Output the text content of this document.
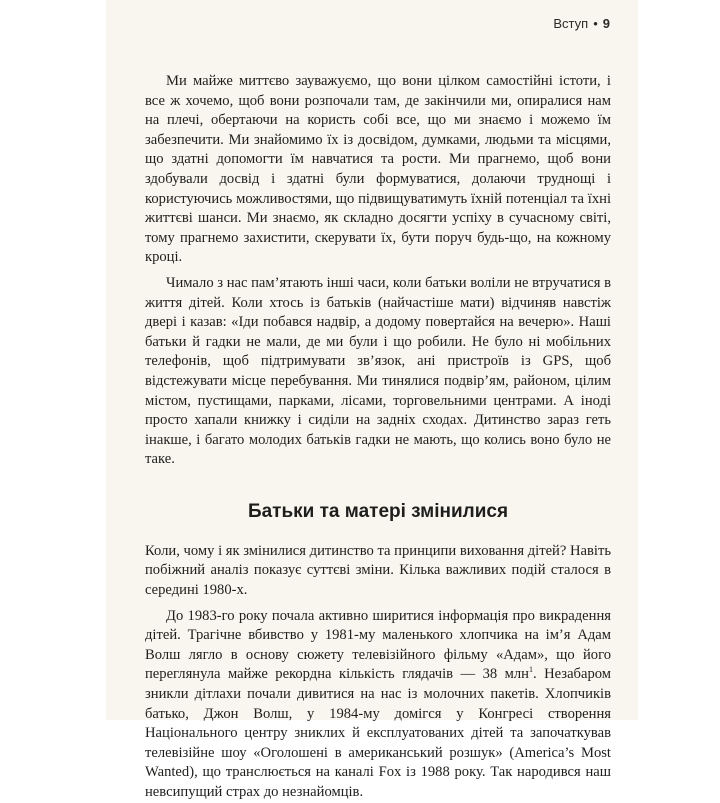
Вступ • 9

Ми майже миттєво зауважуємо, що вони цілком самостійні істоти, і все ж хочемо, щоб вони розпочали там, де закінчили ми, опиралися нам на плечі, обертаючи на користь собі все, що ми знаємо і можемо їм забезпечити. Ми знайомимо їх із досвідом, думками, людьми та місцями, що здатні допомогти їм навчатися та рости. Ми прагнемо, щоб вони здобували досвід і здатні були формуватися, долаючи труднощі і користуючись можливостями, що підвищуватимуть їхній потенціал та їхні життєві шанси. Ми знаємо, як складно досягти успіху в сучасному світі, тому прагнемо захистити, скерувати їх, бути поруч будь-що, на кожному кроці.

Чимало з нас пам’ятають інші часи, коли батьки воліли не втручатися в життя дітей. Коли хтось із батьків (найчастіше мати) відчиняв навстіж двері і казав: «Іди побався надвір, а додому повертайся на вечерю». Наші батьки й гадки не мали, де ми були і що робили. Не було ні мобільних телефонів, щоб підтримувати зв’язок, ані пристроїв із GPS, щоб відстежувати місце перебування. Ми тинялися подвір’ям, районом, цілим містом, пустищами, парками, лісами, торговельними центрами. А іноді просто хапали книжку і сиділи на задніх сходах. Дитинство зараз геть інакше, і багато молодих батьків гадки не мають, що колись воно було не таке.

Батьки та матері змінилися

Коли, чому і як змінилися дитинство та принципи виховання дітей? Навіть побіжний аналіз показує суттєві зміни. Кілька важливих подій сталося в середині 1980-х.

До 1983-го року почала активно ширитися інформація про викрадення дітей. Трагічне вбивство у 1981-му маленького хлопчика на ім’я Адам Волш лягло в основу сюжету телевізійного фільму «Адам», що його переглянула майже рекордна кількість глядачів — 38 млн$^1$. Незабаром зникли дітлахи почали дивитися на нас із молочних пакетів. Хлопчиків батько, Джон Волш, у 1984-му домігся у Конгресі створення Національного центру зниклих й експлуатованих дітей та започаткував телевізійне шоу «Оголошені в американський розшук» (America’s Most Wanted), що транслюється на каналі Fox із 1988 року. Так народився наш невсипущий страх до незнайомців.
